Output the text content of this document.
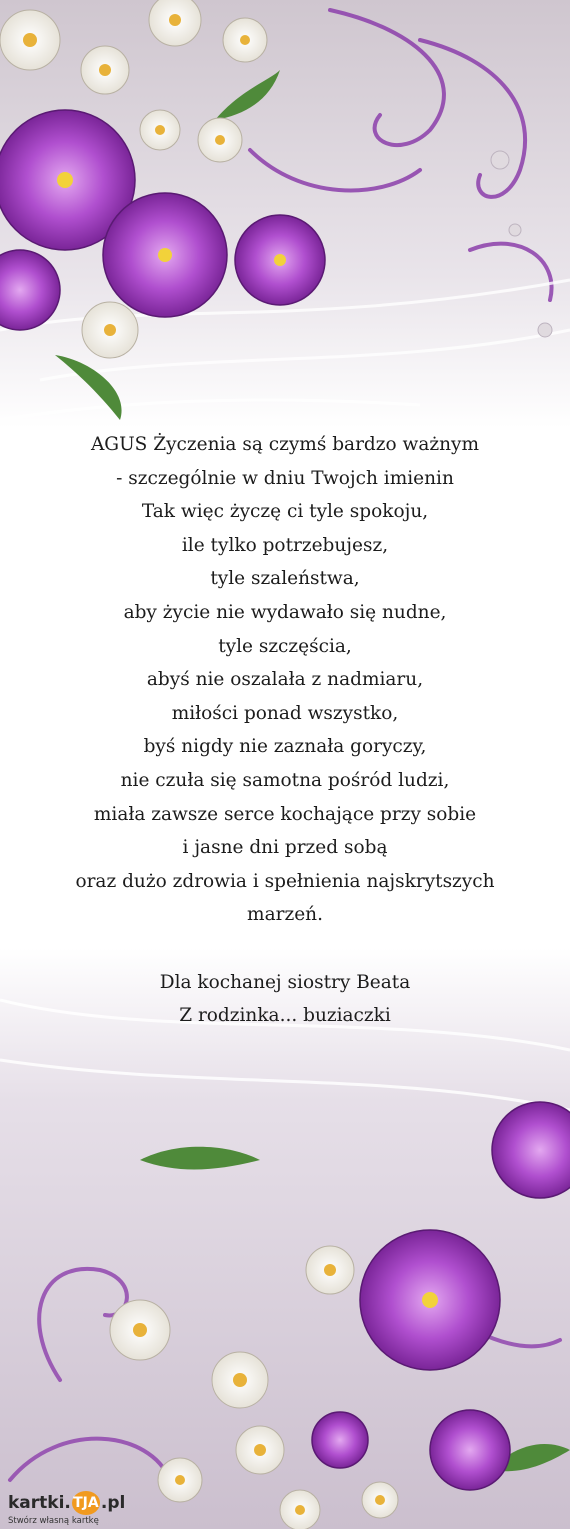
AGUS Życzenia są czymś bardzo ważnym
- szczególnie w dniu Twojch imienin
Tak więc życzę ci tyle spokoju,
ile tylko potrzebujesz,
tyle szaleństwa,
aby życie nie wydawało się nudne,
tyle szczęścia,
abyś nie oszalała z nadmiaru,
miłości ponad wszystko,
byś nigdy nie zaznała goryczy,
nie czuła się samotna pośród ludzi,
miała zawsze serce kochające przy sobie
i jasne dni przed sobą
oraz dużo zdrowia i spełnienia najskrytszych
marzeń.
Dla kochanej siostry Beata
Z rodzinka... buziaczki
kartki. TJA .pl
Stwórz własną kartkę
